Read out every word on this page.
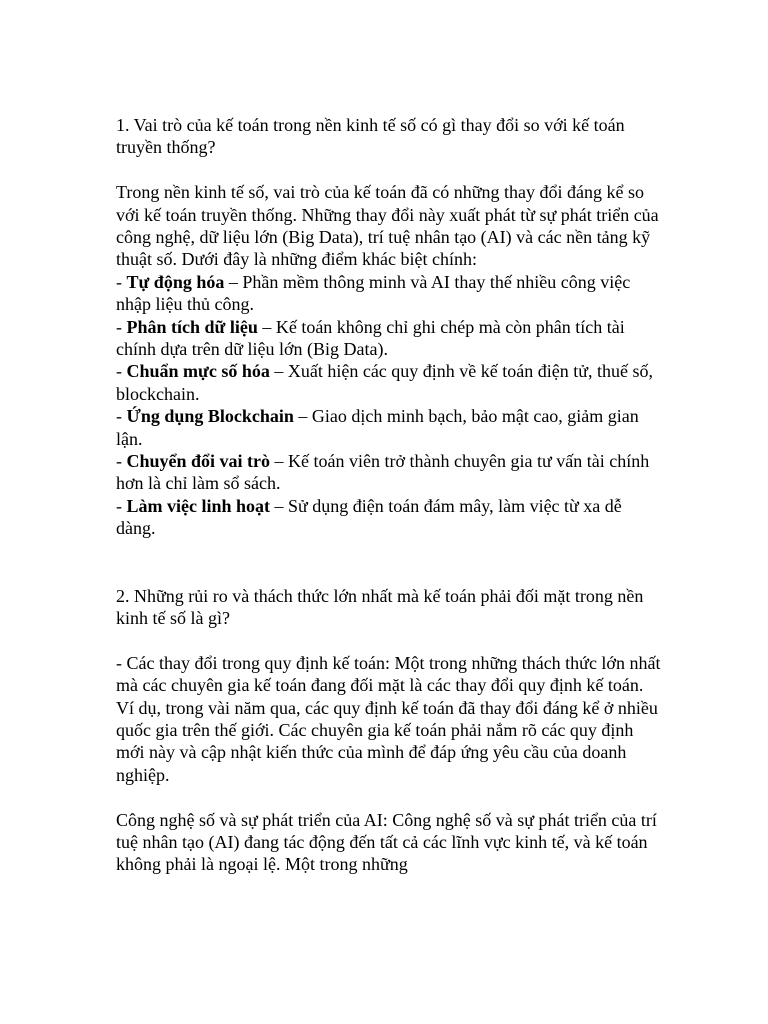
1. Vai trò của kế toán trong nền kinh tế số có gì thay đổi so với kế toán truyền thống?

Trong nền kinh tế số, vai trò của kế toán đã có những thay đổi đáng kể so với kế toán truyền thống. Những thay đổi này xuất phát từ sự phát triển của công nghệ, dữ liệu lớn (Big Data), trí tuệ nhân tạo (AI) và các nền tảng kỹ thuật số. Dưới đây là những điểm khác biệt chính:

- Tự động hóa – Phần mềm thông minh và AI thay thế nhiều công việc nhập liệu thủ công.

- Phân tích dữ liệu – Kế toán không chỉ ghi chép mà còn phân tích tài chính dựa trên dữ liệu lớn (Big Data).

- Chuẩn mực số hóa – Xuất hiện các quy định về kế toán điện tử, thuế số, blockchain.

- Ứng dụng Blockchain – Giao dịch minh bạch, bảo mật cao, giảm gian lận.

- Chuyển đổi vai trò – Kế toán viên trở thành chuyên gia tư vấn tài chính hơn là chỉ làm sổ sách.

- Làm việc linh hoạt – Sử dụng điện toán đám mây, làm việc từ xa dễ dàng.

2. Những rủi ro và thách thức lớn nhất mà kế toán phải đối mặt trong nền kinh tế số là gì?

- Các thay đổi trong quy định kế toán: Một trong những thách thức lớn nhất mà các chuyên gia kế toán đang đối mặt là các thay đổi quy định kế toán. Ví dụ, trong vài năm qua, các quy định kế toán đã thay đổi đáng kể ở nhiều quốc gia trên thế giới. Các chuyên gia kế toán phải nắm rõ các quy định mới này và cập nhật kiến thức của mình để đáp ứng yêu cầu của doanh nghiệp.

Công nghệ số và sự phát triển của AI: Công nghệ số và sự phát triển của trí tuệ nhân tạo (AI) đang tác động đến tất cả các lĩnh vực kinh tế, và kế toán không phải là ngoại lệ. Một trong những
